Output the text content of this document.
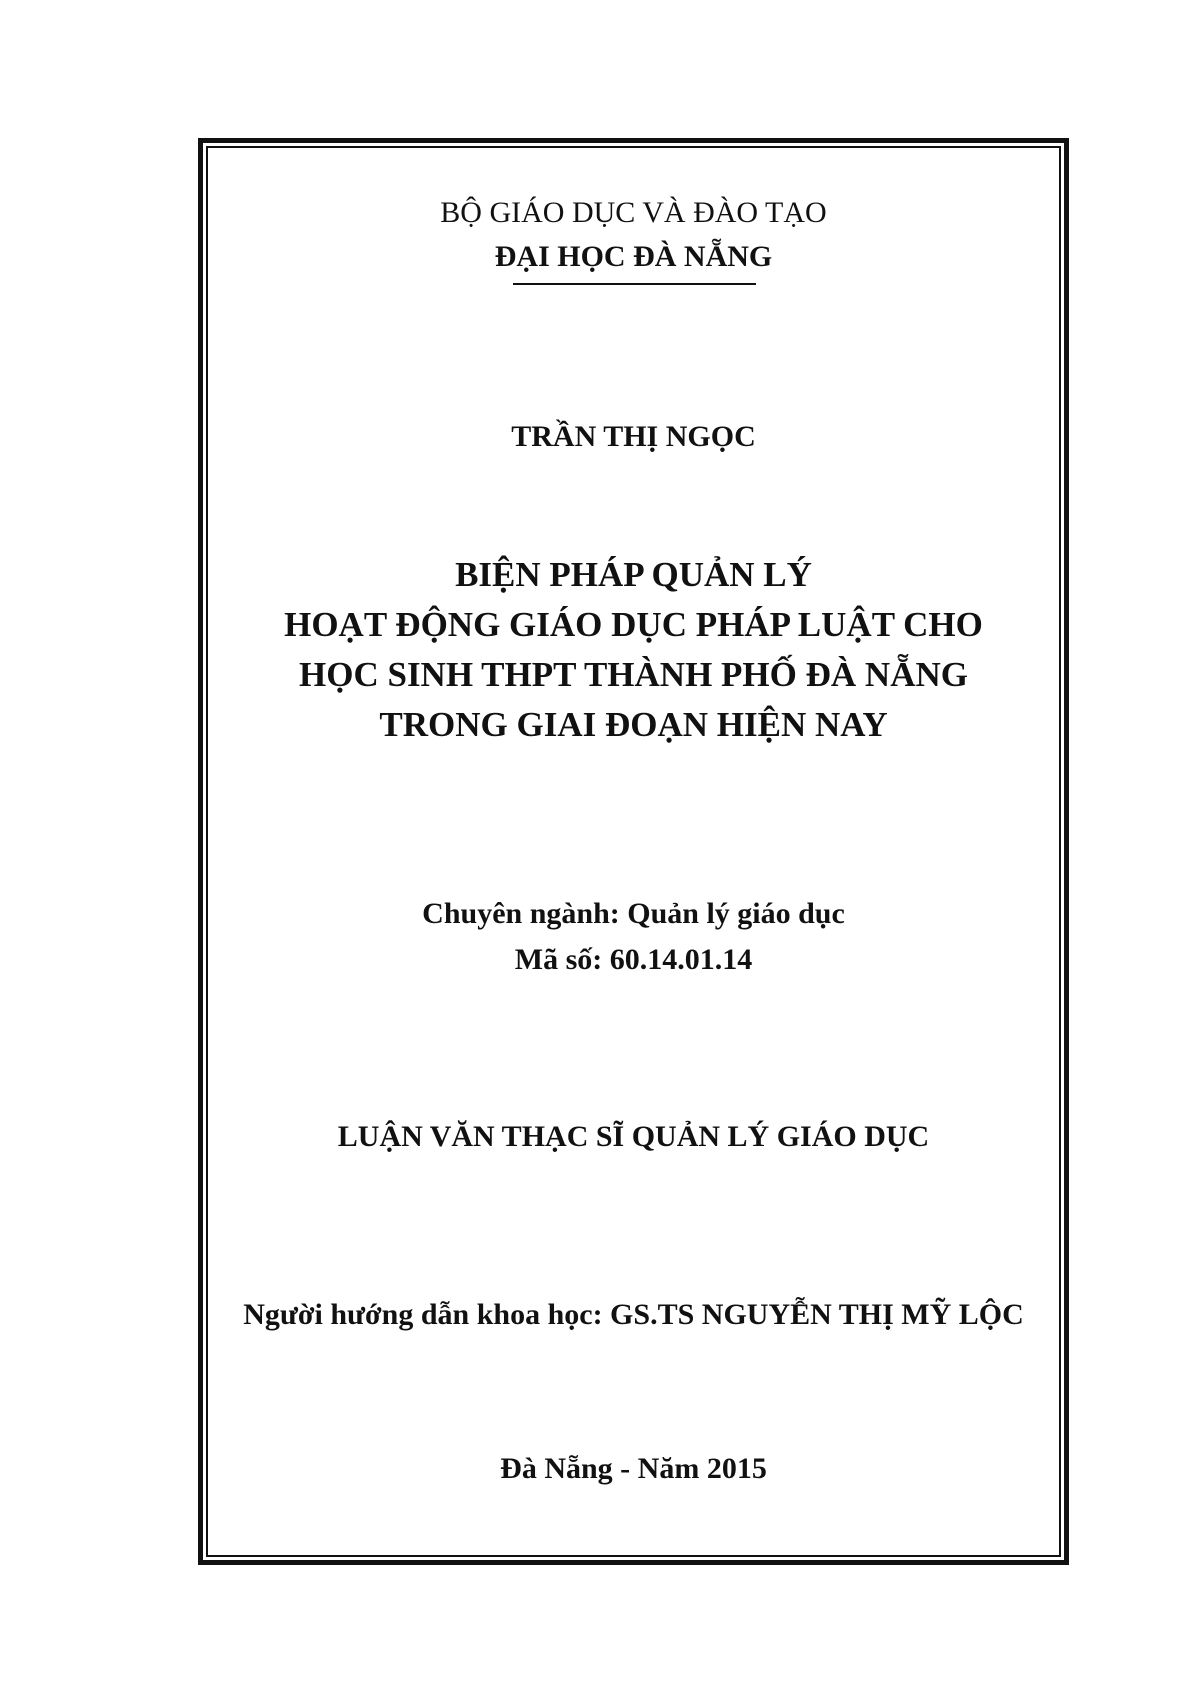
BỘ GIÁO DỤC VÀ ĐÀO TẠO
ĐẠI HỌC ĐÀ NẴNG
TRẦN THỊ NGỌC
BIỆN PHÁP QUẢN LÝ
HOẠT ĐỘNG GIÁO DỤC PHÁP LUẬT CHO
HỌC SINH THPT THÀNH PHỐ ĐÀ NẴNG
TRONG GIAI ĐOẠN HIỆN NAY
Chuyên ngành: Quản lý giáo dục
Mã số: 60.14.01.14
LUẬN VĂN THẠC SĨ QUẢN LÝ GIÁO DỤC
Người hướng dẫn khoa học: GS.TS NGUYỄN THỊ MỸ LỘC
Đà Nẵng - Năm 2015
